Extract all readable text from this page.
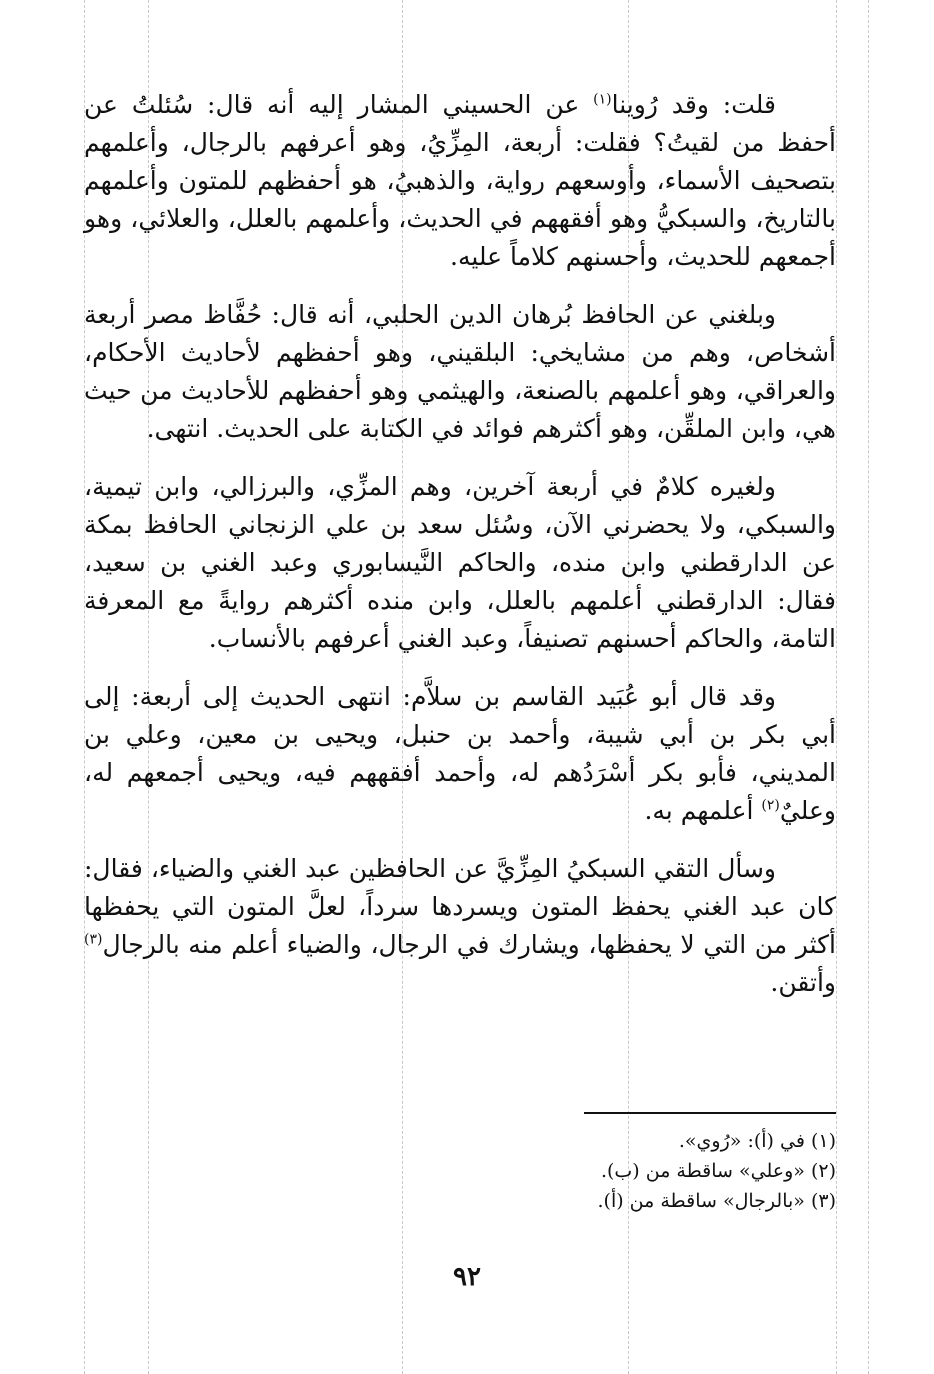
قلت: وقد رُوينا$^{(١)}$ عن الحسيني المشار إليه أنه قال: سُئلتُ عن أحفظ من لقيتُ؟ فقلت: أربعة، المِزِّيُ، وهو أعرفهم بالرجال، وأعلمهم بتصحيف الأسماء، وأوسعهم رواية، والذهبيُ، هو أحفظهم للمتون وأعلمهم بالتاريخ، والسبكيُّ وهو أفقههم في الحديث، وأعلمهم بالعلل، والعلائي، وهو أجمعهم للحديث، وأحسنهم كلاماً عليه.

وبلغني عن الحافظ بُرهان الدين الحلبي، أنه قال: حُفَّاظ مصر أربعة أشخاص، وهم من مشايخي: البلقيني، وهو أحفظهم لأحاديث الأحكام، والعراقي، وهو أعلمهم بالصنعة، والهيثمي وهو أحفظهم للأحاديث من حيث هي، وابن الملقِّن، وهو أكثرهم فوائد في الكتابة على الحديث. انتهى.

ولغيره كلامٌ في أربعة آخرين، وهم المزِّي، والبرزالي، وابن تيمية، والسبكي، ولا يحضرني الآن، وسُئل سعد بن علي الزنجاني الحافظ بمكة عن الدارقطني وابن منده، والحاكم النَّيسابوري وعبد الغني بن سعيد، فقال: الدارقطني أعلمهم بالعلل، وابن منده أكثرهم روايةً مع المعرفة التامة، والحاكم أحسنهم تصنيفاً، وعبد الغني أعرفهم بالأنساب.

وقد قال أبو عُبَيد القاسم بن سلاَّم: انتهى الحديث إلى أربعة: إلى أبي بكر بن أبي شيبة، وأحمد بن حنبل، ويحيى بن معين، وعلي بن المديني، فأبو بكر أسْرَدُهم له، وأحمد أفقههم فيه، ويحيى أجمعهم له، وعليٌ$^{(٢)}$ أعلمهم به.

وسأل التقي السبكيُ المِزِّيَّ عن الحافظين عبد الغني والضياء، فقال: كان عبد الغني يحفظ المتون ويسردها سرداً، لعلَّ المتون التي يحفظها أكثر من التي لا يحفظها، ويشارك في الرجال، والضياء أعلم منه بالرجال$^{(٣)}$ وأتقن.

(١) في (أ): «رُوي».

(٢) «وعلي» ساقطة من (ب).

(٣) «بالرجال» ساقطة من (أ).

٩٢
